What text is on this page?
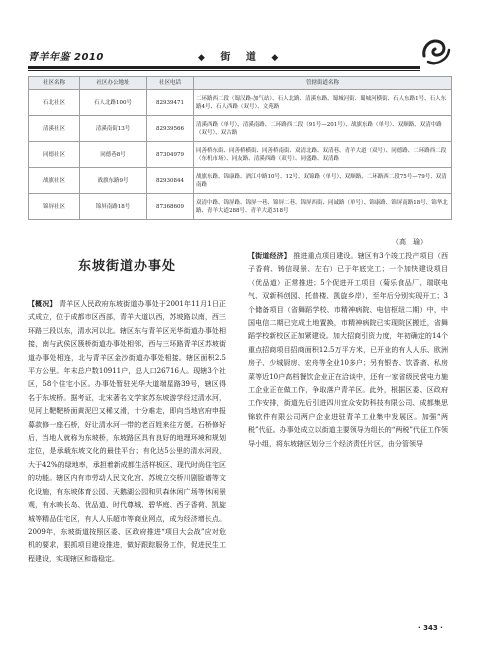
青羊年鉴 2010	◆ 街 道 ◆
社区名称	社区办公地址	社区电话	管辖街道名称
石北社区	石人北路100号	82939471	二环路西二段（蜀汉路-加气站）、石人北路、清溪东路、蜀城河街、蜀城河横街、石人东路1号、石人东路4号、石人西路（双号）、文苑路
清溪社区	清溪南街13号	82939566	清溪西路（单号）、清溪南路、二环路西二段（91号—201号）、战旗东路（单号）、双顺路、双清中路（双号）、双古路
同德社区	同德巷8号	87304979	同善桥东街、同善桥横街、同善桥南街、双清北路、双清巷、青羊大道（双号）、同德路、二环路西二段（东机市场）、同友路、清溪西路（双号）、同盛路、双清路
战旗社区	战旗东路9号	82930844	战旗东路、锦康路、酒江中路10号、12号、双锦路（单号）、双顺路、二环路西二段75号—79号、双清南路
锦屏社区	锦屏南路18号	87368609	双清中路、锦屏路、锦屏一巷、锦屏二巷、锦屏西街、同诚路（单号）、锦康路、锦屏南路18号、锦华北路、青羊大道288号、青羊大道318号
（高　瑜）
东坡街道办事处

【概况】 青羊区人民政府东坡街道办事处于2001年11月1日正式成立，位于成都市区西部，青羊大道以西，苏坡路以南，西三环路三段以东，清水河以北。辖区东与青羊区光华街道办事处相接，南与武侯区簇桥街道办事处相邻，西与三环路青羊区苏坡街道办事处相连，北与青羊区金沙街道办事处相接。辖区面积2.5平方公里。年末总户数10911户，总人口26716人。现辖3个社区，58个住宅小区。办事处暂驻光华大道端星路39号，辖区得名于东坡桥。据考证，北宋著名文学家苏东坡游学经过清水河，见河上靶靶桥面黄泥巴又稀又滑，十分难走，即向当地官府申报募款修一座石桥，好让清水河一带的老百姓来往方便。石桥修好后，当地人就称为东坡桥，东坡路区具有良好的地理环境和规划定位，是承载东坡文化的最佳平台；有化达5公里的清水河段，大于42%的绿地率，承担着新成都生活样板区、现代时尚住宅区的功能。辖区内有市劳动人民文化宫、苏坡立交桥川剧脸谱等文化设施，有东坡体育公园、天鹅湖公园和贝森休闲广场等休闲景观，有水映长岛、优品道、时代尊城、碧华庭、西子香荷、凯旋城等精品住宅区，有人人乐超市等商业网点，成为经济增长点。2009年，东坡街道按照区委、区政府推进“项目大会战”应对危机的要求，狠抓项目建设推进，做好跟踪服务工作，促进民生工程建设，实现辖区和谐稳定。

【街道经济】 推进重点项目建设。辖区有3个竣工投产项目（西子香荷、铸信现景、左右）已于年底完工；一个加快建设项目（优品道）正常推进；5个促进开工项目（菊乐食品厂、瑞联电气、双新科创园、托普楼、凯旋乡岸），至年后分别实现开工；3个储备项目（省舞蹈学校、市精神病院、电信枢纽二期）中，中国电信二期已完成土地置换，市精神病院已实现院区搬迁，省舞蹈学校新校区正加紧建设。加大招商引资力度，年初确定的14个重点招商项目招商面积12.5万平方米，已开业的有人人乐、欧洲房子、少城厨房、宏舟等全业10多户；另有银杏、饮香斋、私房菜等近10户高档餐饮企业正在洽谈中，还有一家省级民营电力施工企业正在做工作，争取落户青羊区。此外，根据区委、区政府工作安排，街道先后引进四川宜众安防科技有限公司、成都集思锦软件有限公司两户企业进驻青羊工业集中发展区。加强“两税”代征。办事处成立以街道主要领导为组长的“两税”代征工作领导小组，将东坡辖区划分三个经济责任片区，由分管领导

· 343 ·
